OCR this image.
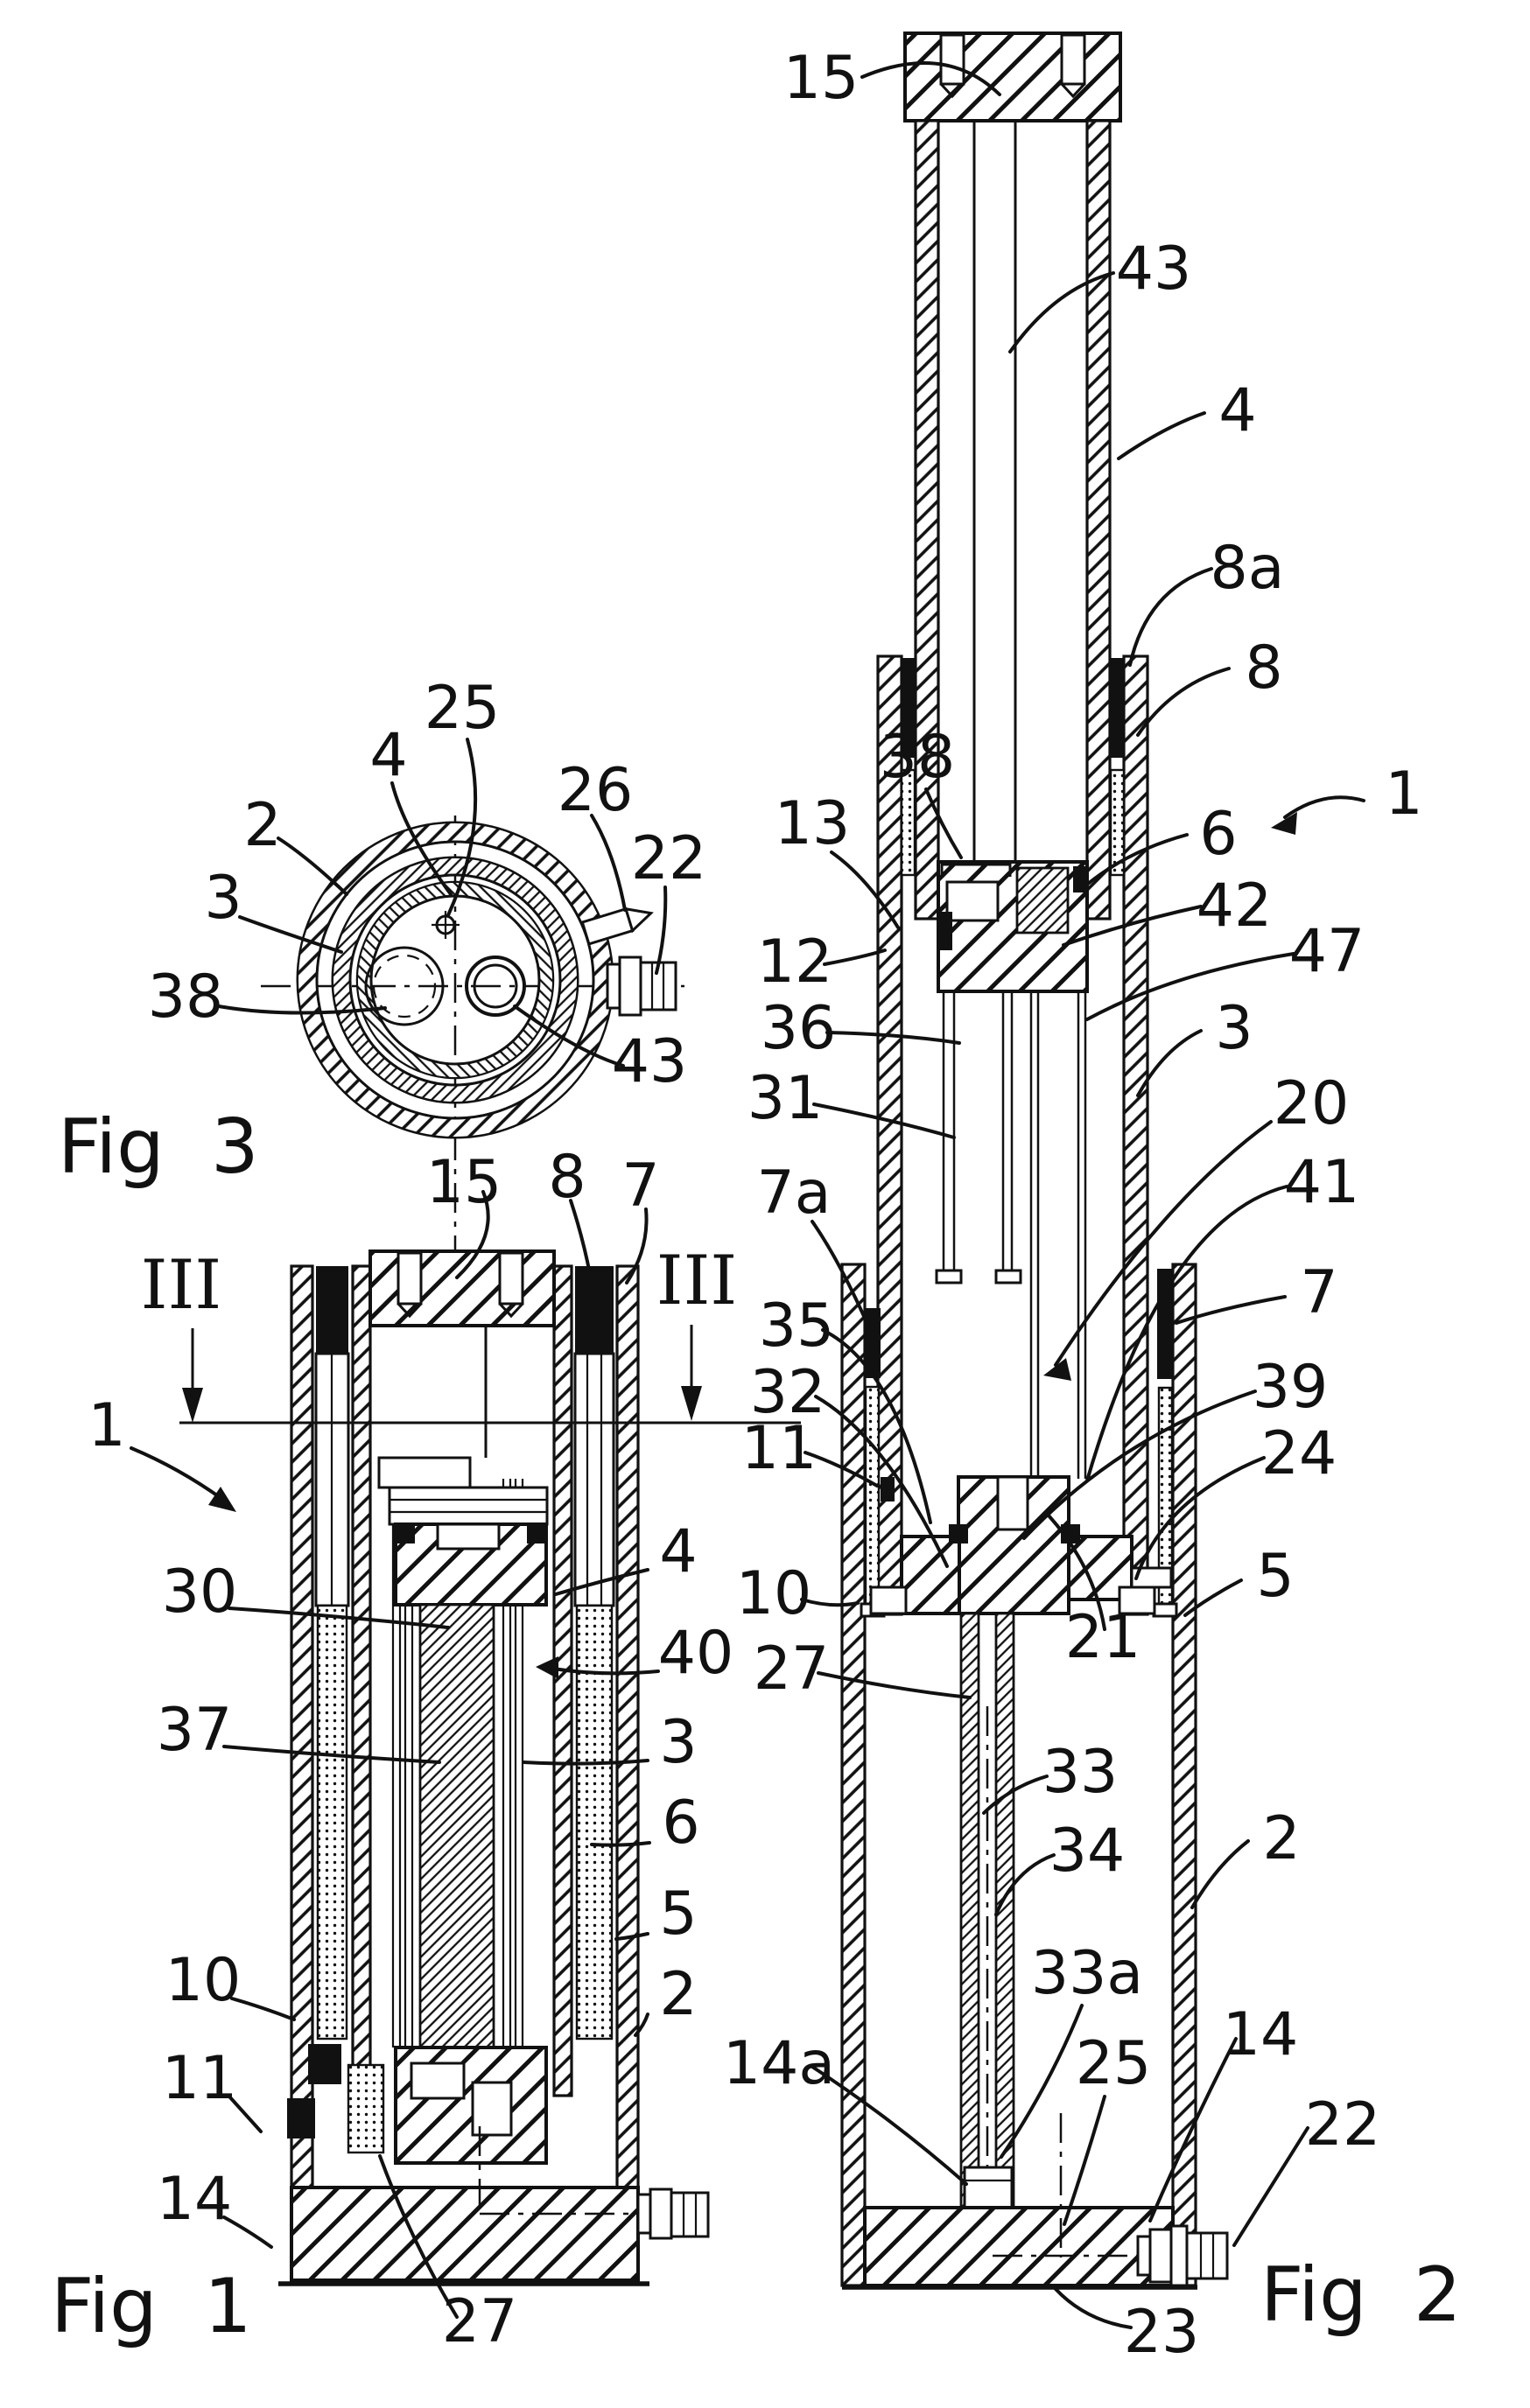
25
4
26
22
2
3
38
43
Fig 3	15 8 7
III	III
1
30
37
4
40
3
6
5
2
10
11
14
27
Fig 1
15
43
4
8a
8
1
38
13	6
42
47
12
36
31
3
20
41
7a
7
35
32
11
39
24
10
27
5
21
33
34 2
33a
25 14
14a
22
23 Fig 2
